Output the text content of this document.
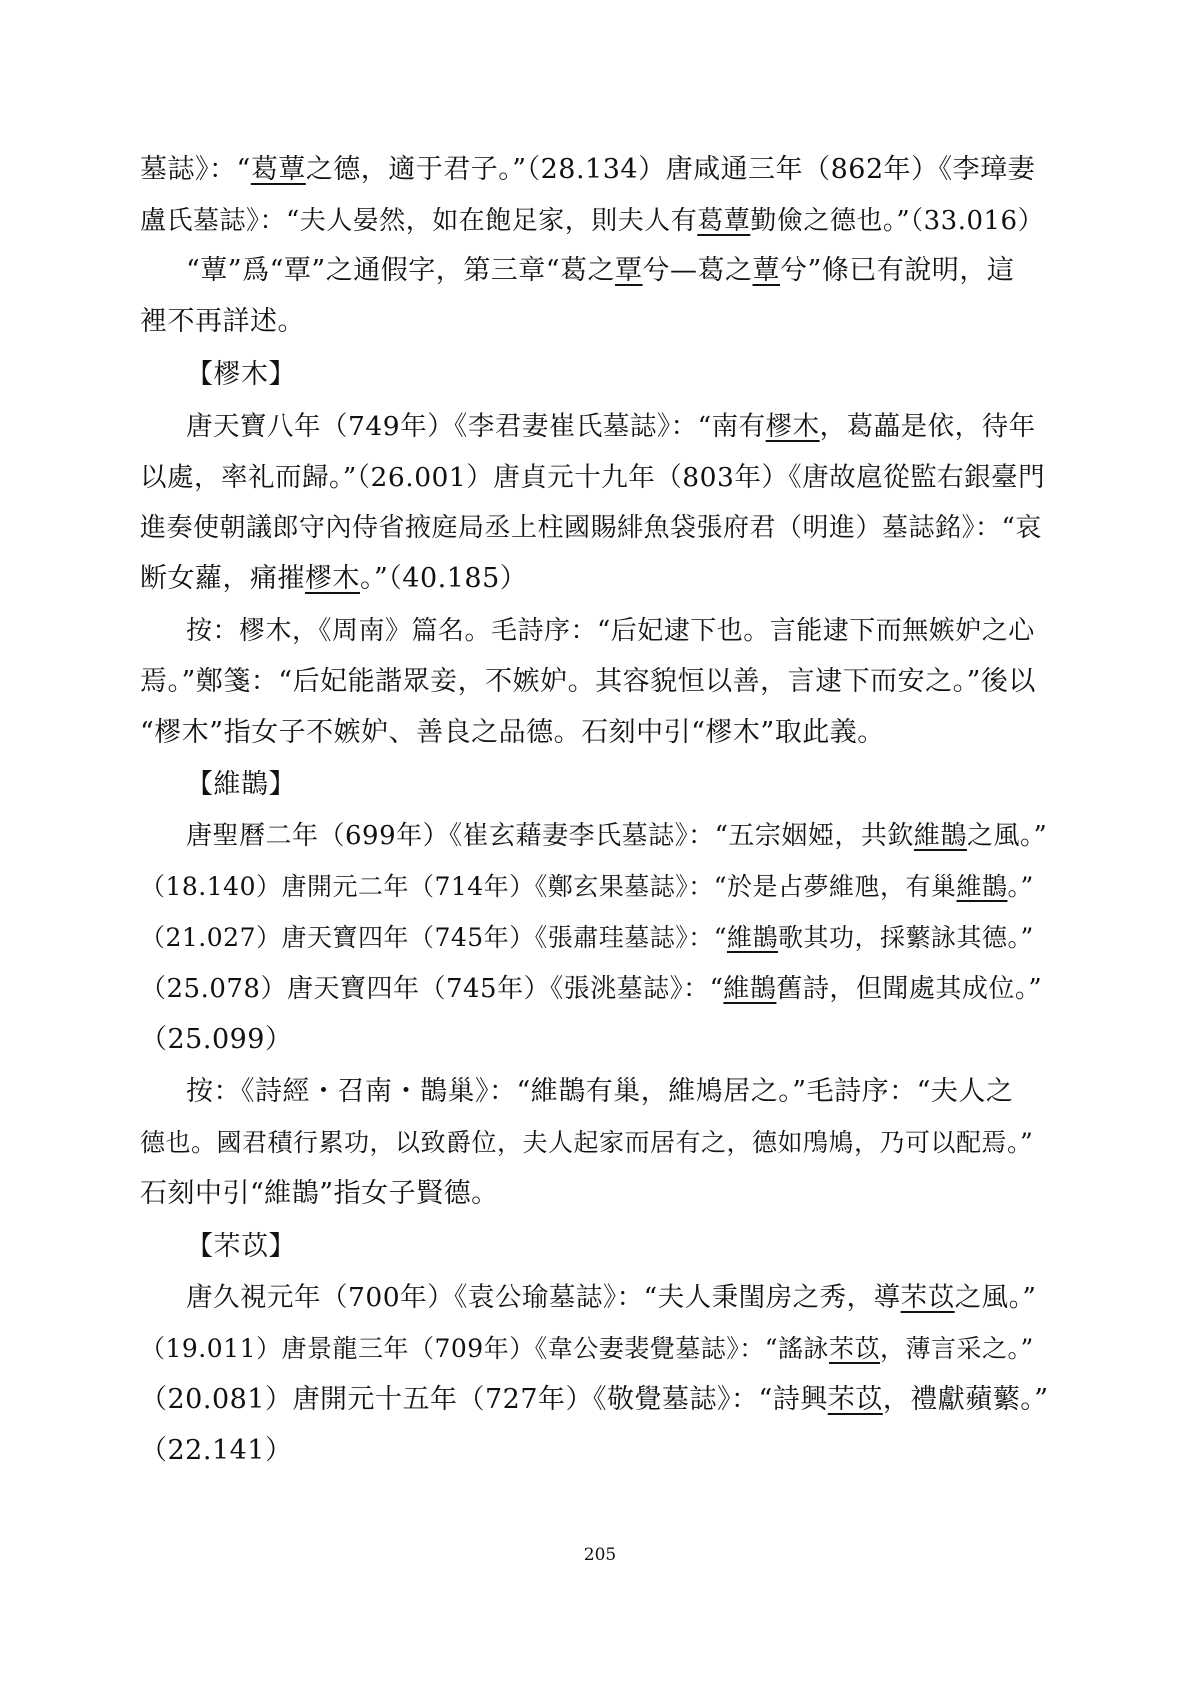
墓誌》：“葛蕈之德，適于君子。”（28.134）唐咸通三年（862年）《李璋妻
盧氏墓誌》：“夫人晏然，如在飽足家，則夫人有葛蕈勤儉之德也。”（33.016）
“蕈”爲“覃”之通假字，第三章“葛之覃兮—葛之蕈兮”條已有說明，這
裡不再詳述。
【樛木】
唐天寶八年（749年）《李君妻崔氏墓誌》：“南有樛木，葛藟是依，待年
以處，率礼而歸。”（26.001）唐貞元十九年（803年）《唐故扈從監右銀臺門
進奏使朝議郎守內侍省掖庭局丞上柱國賜緋魚袋張府君（明進）墓誌銘》：“哀
断女蘿，痛摧樛木。”（40.185）
按：樛木，《周南》篇名。毛詩序：“后妃逮下也。言能逮下而無嫉妒之心
焉。”鄭箋：“后妃能諧眾妾，不嫉妒。其容貌恒以善，言逮下而安之。”後以
“樛木”指女子不嫉妒、善良之品德。石刻中引“樛木”取此義。
【維鵲】
唐聖曆二年（699年）《崔玄藉妻李氏墓誌》：“五宗姻婭，共欽維鵲之風。”
（18.140）唐開元二年（714年）《鄭玄果墓誌》：“於是占夢維虺，有巢維鵲。”
（21.027）唐天寶四年（745年）《張肅珪墓誌》：“維鵲歌其功，採蘩詠其德。”
（25.078）唐天寶四年（745年）《張洮墓誌》：“維鵲舊詩，但聞處其成位。”
（25.099）
按：《詩經・召南・鵲巢》：“維鵲有巢，維鳩居之。”毛詩序：“夫人之
德也。國君積行累功，以致爵位，夫人起家而居有之，德如鳲鳩，乃可以配焉。”
石刻中引“維鵲”指女子賢德。
【芣苡】
唐久視元年（700年）《袁公瑜墓誌》：“夫人秉閨房之秀，導芣苡之風。”
（19.011）唐景龍三年（709年）《韋公妻裴覺墓誌》：“謠詠芣苡，薄言采之。”
（20.081）唐開元十五年（727年）《敬覺墓誌》：“詩興芣苡，禮獻蘋蘩。”
（22.141）
205
